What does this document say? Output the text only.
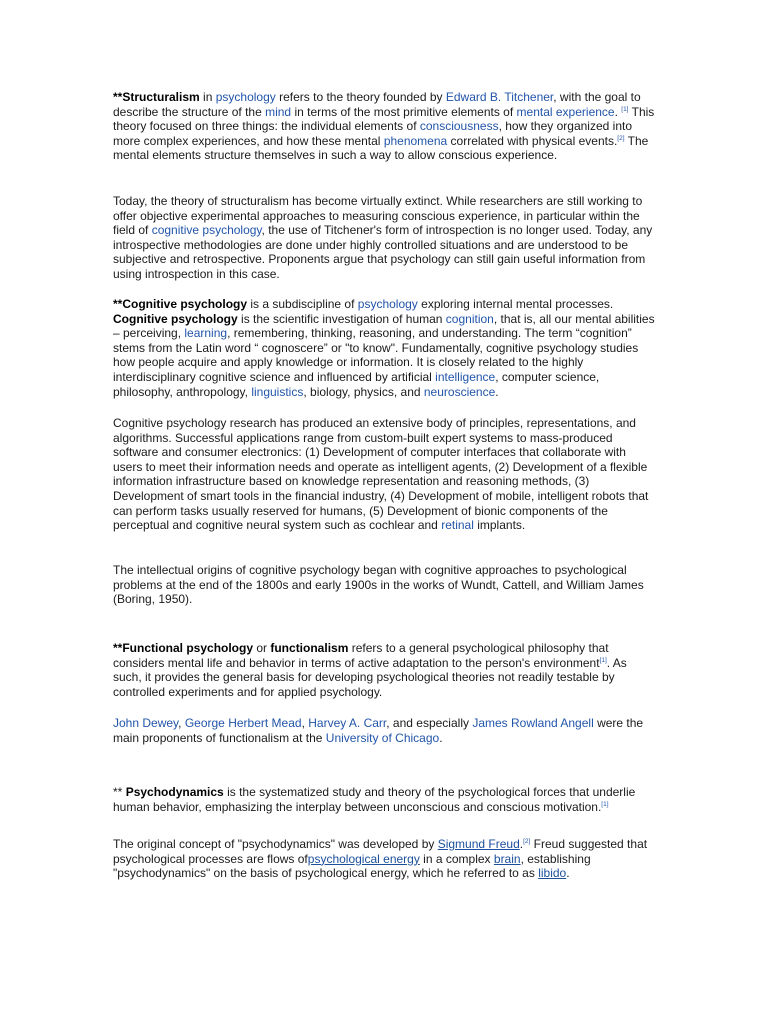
**Structuralism in psychology refers to the theory founded by Edward B. Titchener, with the goal to describe the structure of the mind in terms of the most primitive elements of mental experience. [1] This theory focused on three things: the individual elements of consciousness, how they organized into more complex experiences, and how these mental phenomena correlated with physical events.[2] The mental elements structure themselves in such a way to allow conscious experience.

Today, the theory of structuralism has become virtually extinct. While researchers are still working to offer objective experimental approaches to measuring conscious experience, in particular within the field of cognitive psychology, the use of Titchener's form of introspection is no longer used. Today, any introspective methodologies are done under highly controlled situations and are understood to be subjective and retrospective. Proponents argue that psychology can still gain useful information from using introspection in this case.

**Cognitive psychology is a subdiscipline of psychology exploring internal mental processes. Cognitive psychology is the scientific investigation of human cognition, that is, all our mental abilities – perceiving, learning, remembering, thinking, reasoning, and understanding. The term “cognition” stems from the Latin word “ cognoscere” or "to know". Fundamentally, cognitive psychology studies how people acquire and apply knowledge or information. It is closely related to the highly interdisciplinary cognitive science and influenced by artificial intelligence, computer science, philosophy, anthropology, linguistics, biology, physics, and neuroscience.

Cognitive psychology research has produced an extensive body of principles, representations, and algorithms. Successful applications range from custom-built expert systems to mass-produced software and consumer electronics: (1) Development of computer interfaces that collaborate with users to meet their information needs and operate as intelligent agents, (2) Development of a flexible information infrastructure based on knowledge representation and reasoning methods, (3) Development of smart tools in the financial industry, (4) Development of mobile, intelligent robots that can perform tasks usually reserved for humans, (5) Development of bionic components of the perceptual and cognitive neural system such as cochlear and retinal implants.

The intellectual origins of cognitive psychology began with cognitive approaches to psychological problems at the end of the 1800s and early 1900s in the works of Wundt, Cattell, and William James (Boring, 1950).

**Functional psychology or functionalism refers to a general psychological philosophy that considers mental life and behavior in terms of active adaptation to the person's environment[1]. As such, it provides the general basis for developing psychological theories not readily testable by controlled experiments and for applied psychology.

John Dewey, George Herbert Mead, Harvey A. Carr, and especially James Rowland Angell were the main proponents of functionalism at the University of Chicago.

** Psychodynamics is the systematized study and theory of the psychological forces that underlie human behavior, emphasizing the interplay between unconscious and conscious motivation.[1]

The original concept of "psychodynamics" was developed by Sigmund Freud.[2] Freud suggested that psychological processes are flows ofpsychological energy in a complex brain, establishing "psychodynamics" on the basis of psychological energy, which he referred to as libido.
